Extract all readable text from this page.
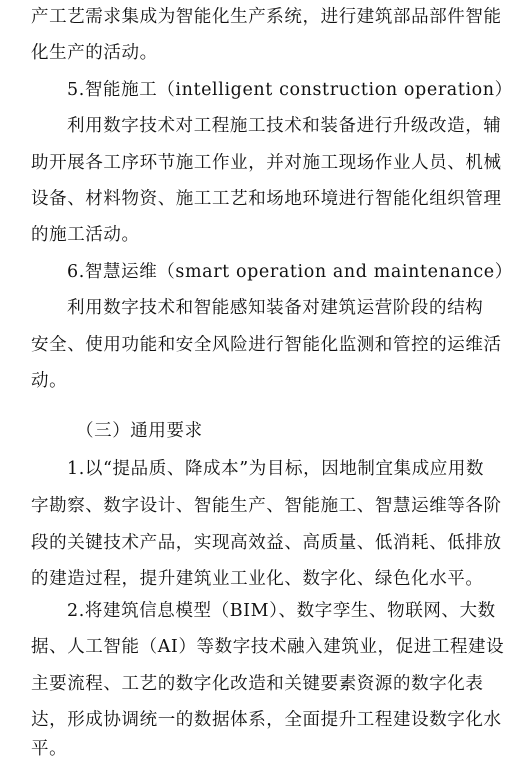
产工艺需求集成为智能化生产系统，进行建筑部品部件智能
化生产的活动。
5.智能施工（intelligent construction operation）
利用数字技术对工程施工技术和装备进行升级改造，辅
助开展各工序环节施工作业，并对施工现场作业人员、机械
设备、材料物资、施工工艺和场地环境进行智能化组织管理
的施工活动。
6.智慧运维（smart operation and maintenance）
利用数字技术和智能感知装备对建筑运营阶段的结构
安全、使用功能和安全风险进行智能化监测和管控的运维活
动。
（三）通用要求
1.以“提品质、降成本”为目标，因地制宜集成应用数
字勘察、数字设计、智能生产、智能施工、智慧运维等各阶
段的关键技术产品，实现高效益、高质量、低消耗、低排放
的建造过程，提升建筑业工业化、数字化、绿色化水平。
2.将建筑信息模型（BIM）、数字孪生、物联网、大数
据、人工智能（AI）等数字技术融入建筑业，促进工程建设
主要流程、工艺的数字化改造和关键要素资源的数字化表
达，形成协调统一的数据体系，全面提升工程建设数字化水
平。
